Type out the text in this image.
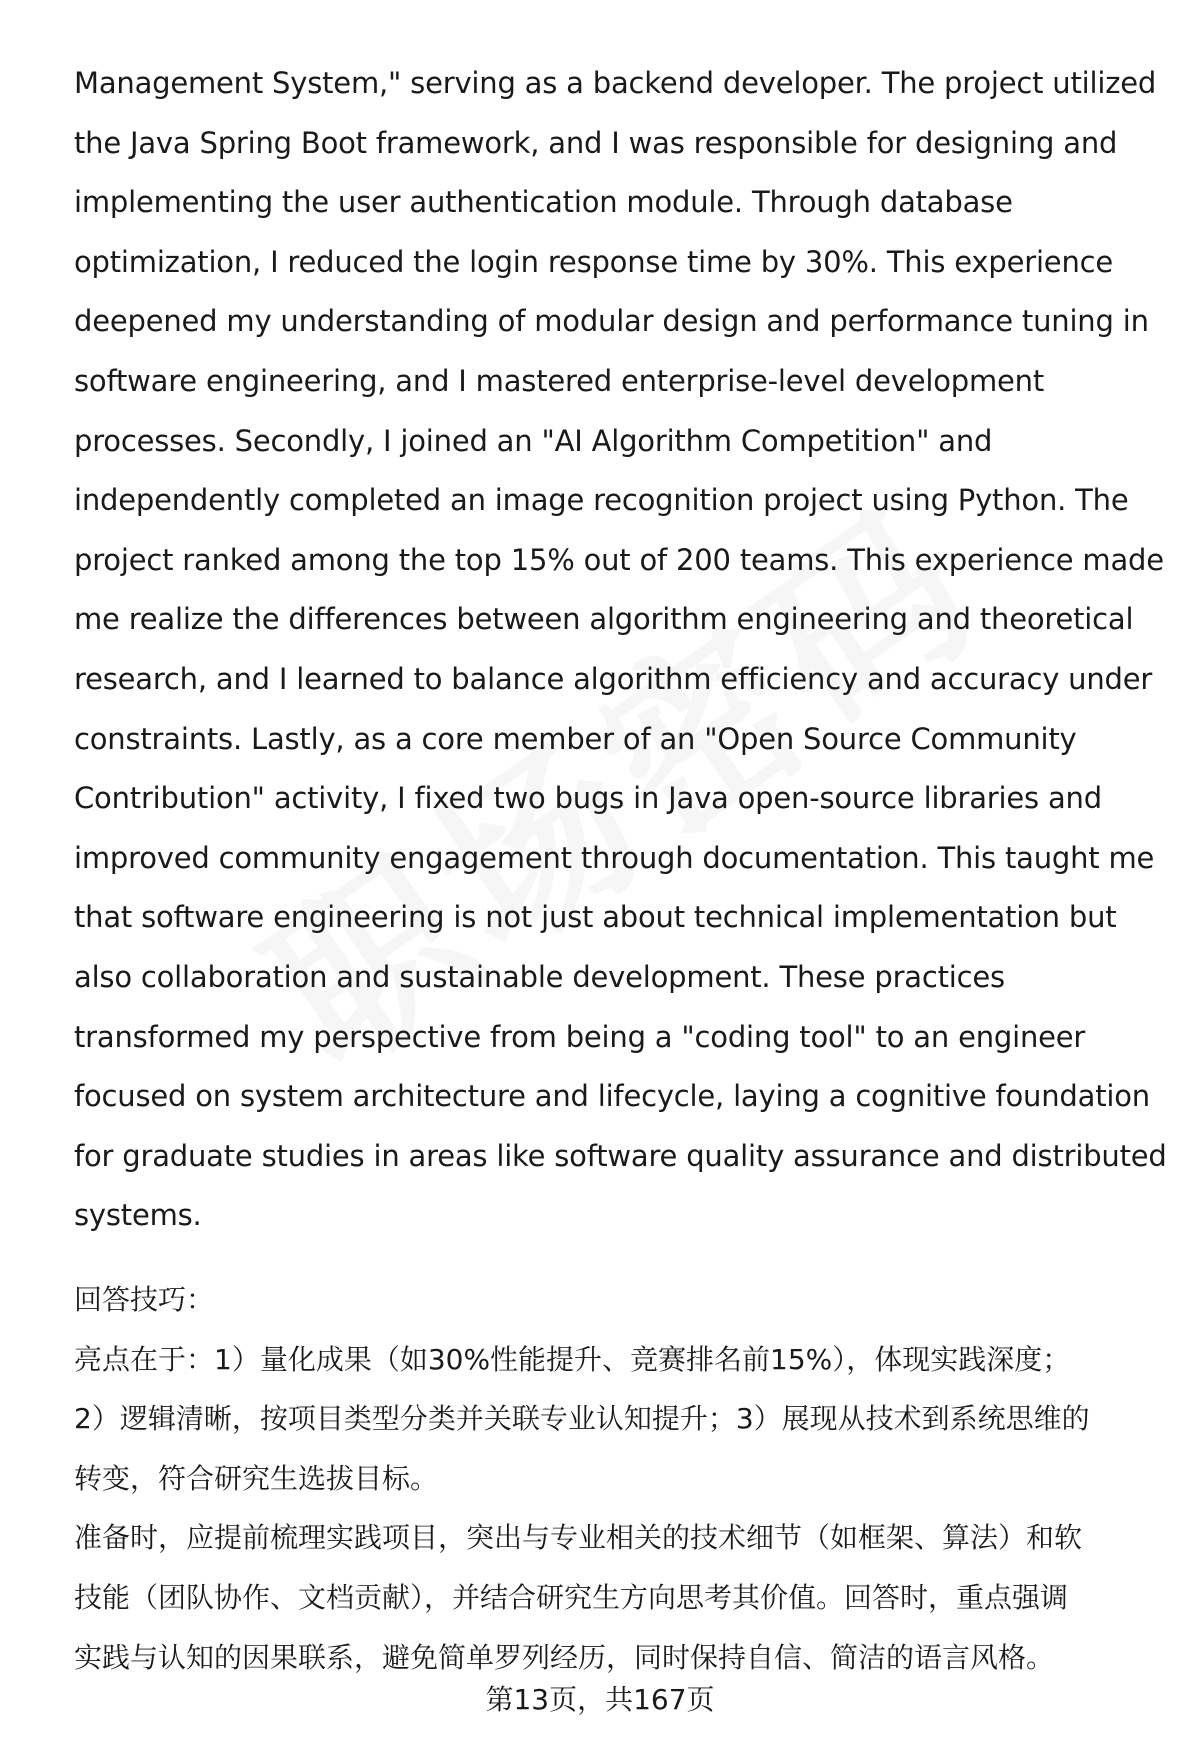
Management System," serving as a backend developer. The project utilized
the Java Spring Boot framework, and I was responsible for designing and
implementing the user authentication module. Through database
optimization, I reduced the login response time by 30%. This experience
deepened my understanding of modular design and performance tuning in
software engineering, and I mastered enterprise-level development
processes. Secondly, I joined an "AI Algorithm Competition" and
independently completed an image recognition project using Python. The
project ranked among the top 15% out of 200 teams. This experience made
me realize the differences between algorithm engineering and theoretical
research, and I learned to balance algorithm efficiency and accuracy under
constraints. Lastly, as a core member of an "Open Source Community
Contribution" activity, I fixed two bugs in Java open-source libraries and
improved community engagement through documentation. This taught me
that software engineering is not just about technical implementation but
also collaboration and sustainable development. These practices
transformed my perspective from being a "coding tool" to an engineer
focused on system architecture and lifecycle, laying a cognitive foundation
for graduate studies in areas like software quality assurance and distributed
systems.
回答技巧：
亮点在于：1）量化成果（如30%性能提升、竞赛排名前15%），体现实践深度；
2）逻辑清晰，按项目类型分类并关联专业认知提升；3）展现从技术到系统思维的
转变，符合研究生选拔目标。
准备时，应提前梳理实践项目，突出与专业相关的技术细节（如框架、算法）和软
技能（团队协作、文档贡献），并结合研究生方向思考其价值。回答时，重点强调
实践与认知的因果联系，避免简单罗列经历，同时保持自信、简洁的语言风格。
第13页，共167页
